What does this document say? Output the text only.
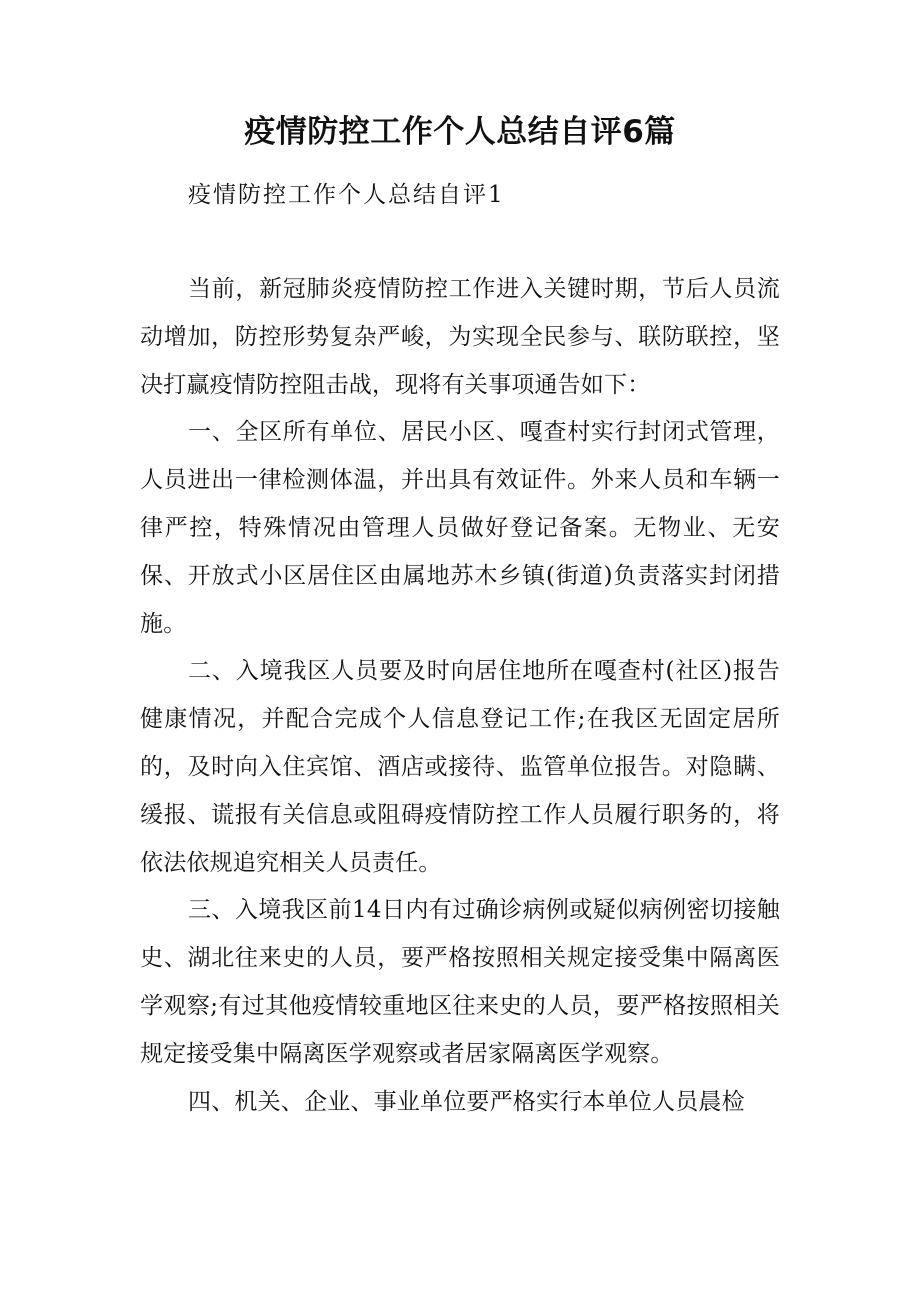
疫情防控工作个人总结自评6篇

疫情防控工作个人总结自评1

当前，新冠肺炎疫情防控工作进入关键时期，节后人员流动增加，防控形势复杂严峻，为实现全民参与、联防联控，坚决打赢疫情防控阻击战，现将有关事项通告如下：

一、全区所有单位、居民小区、嘎查村实行封闭式管理，人员进出一律检测体温，并出具有效证件。外来人员和车辆一律严控，特殊情况由管理人员做好登记备案。无物业、无安保、开放式小区居住区由属地苏木乡镇(街道)负责落实封闭措施。

二、入境我区人员要及时向居住地所在嘎查村(社区)报告健康情况，并配合完成个人信息登记工作;在我区无固定居所的，及时向入住宾馆、酒店或接待、监管单位报告。对隐瞒、缓报、谎报有关信息或阻碍疫情防控工作人员履行职务的，将依法依规追究相关人员责任。

三、入境我区前14日内有过确诊病例或疑似病例密切接触史、湖北往来史的人员，要严格按照相关规定接受集中隔离医学观察;有过其他疫情较重地区往来史的人员，要严格按照相关规定接受集中隔离医学观察或者居家隔离医学观察。

四、机关、企业、事业单位要严格实行本单位人员晨检
